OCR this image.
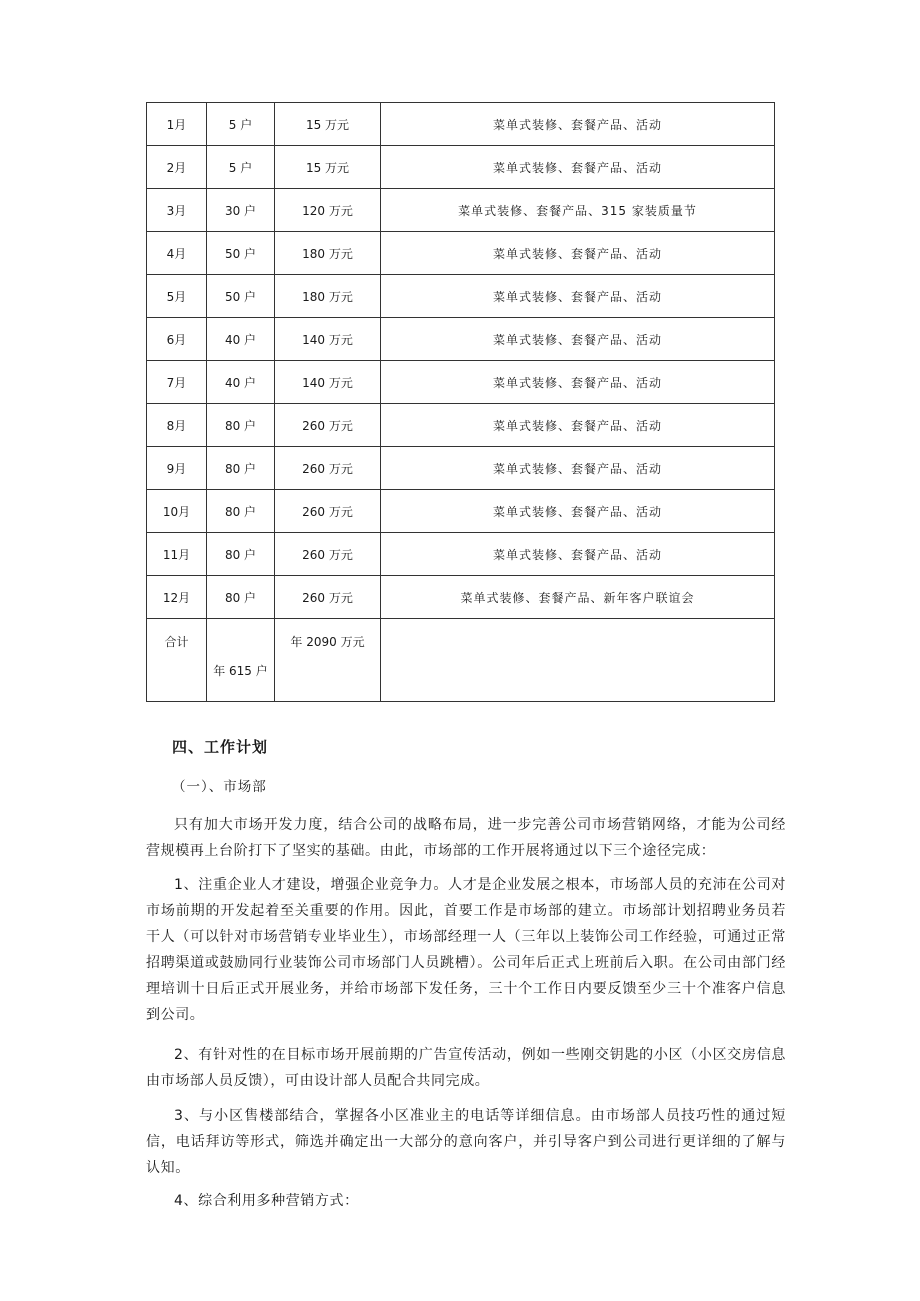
1月	5 户	15 万元	菜单式装修、套餐产品、活动
2月	5 户	15 万元	菜单式装修、套餐产品、活动
3月	30 户	120 万元	菜单式装修、套餐产品、315 家装质量节
4月	50 户	180 万元	菜单式装修、套餐产品、活动
5月	50 户	180 万元	菜单式装修、套餐产品、活动
6月	40 户	140 万元	菜单式装修、套餐产品、活动
7月	40 户	140 万元	菜单式装修、套餐产品、活动
8月	80 户	260 万元	菜单式装修、套餐产品、活动
9月	80 户	260 万元	菜单式装修、套餐产品、活动
10月	80 户	260 万元	菜单式装修、套餐产品、活动
11月	80 户	260 万元	菜单式装修、套餐产品、活动
12月	80 户	260 万元	菜单式装修、套餐产品、新年客户联谊会
合计	年 615 户	年 2090 万元	
四、工作计划
（一）、市场部

只有加大市场开发力度，结合公司的战略布局，进一步完善公司市场营销网络，才能为公司经营规模再上台阶打下了坚实的基础。由此，市场部的工作开展将通过以下三个途径完成：

1、注重企业人才建设，增强企业竞争力。人才是企业发展之根本，市场部人员的充沛在公司对市场前期的开发起着至关重要的作用。因此，首要工作是市场部的建立。市场部计划招聘业务员若干人（可以针对市场营销专业毕业生），市场部经理一人（三年以上装饰公司工作经验，可通过正常招聘渠道或鼓励同行业装饰公司市场部门人员跳槽）。公司年后正式上班前后入职。在公司由部门经理培训十日后正式开展业务，并给市场部下发任务，三十个工作日内要反馈至少三十个准客户信息到公司。

2、有针对性的在目标市场开展前期的广告宣传活动，例如一些刚交钥匙的小区（小区交房信息由市场部人员反馈），可由设计部人员配合共同完成。

3、与小区售楼部结合，掌握各小区准业主的电话等详细信息。由市场部人员技巧性的通过短信，电话拜访等形式，筛选并确定出一大部分的意向客户，并引导客户到公司进行更详细的了解与认知。

4、综合利用多种营销方式：
